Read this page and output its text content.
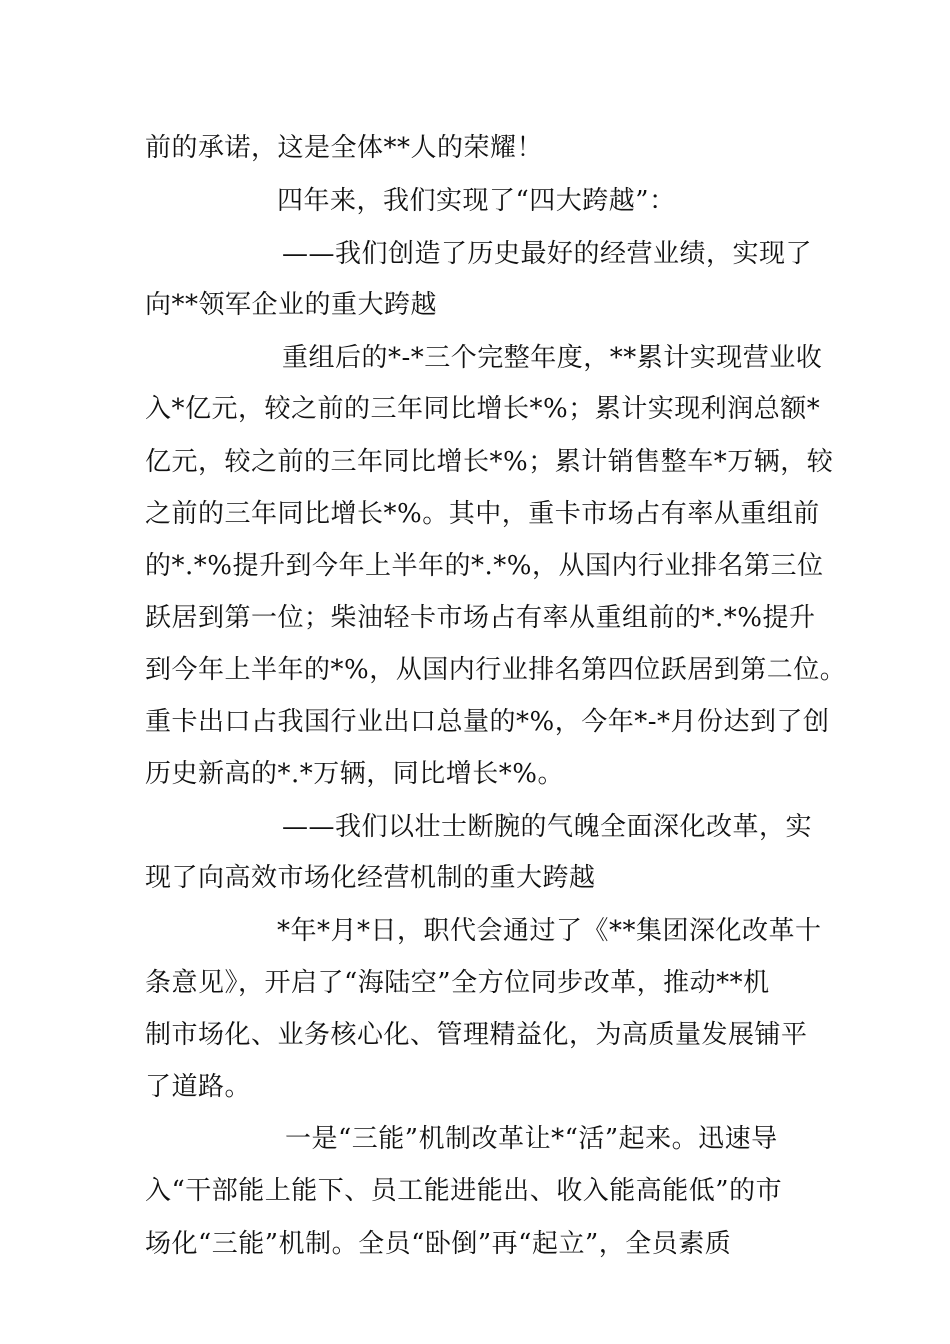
前的承诺，这是全体**人的荣耀！
四年来，我们实现了“四大跨越”：
——我们创造了历史最好的经营业绩，实现了
向**领军企业的重大跨越
重组后的*-*三个完整年度，**累计实现营业收
入*亿元，较之前的三年同比增长*%；累计实现利润总额*
亿元，较之前的三年同比增长*%；累计销售整车*万辆，较
之前的三年同比增长*%。其中，重卡市场占有率从重组前
的*.*%提升到今年上半年的*.*%，从国内行业排名第三位
跃居到第一位；柴油轻卡市场占有率从重组前的*.*%提升
到今年上半年的*%，从国内行业排名第四位跃居到第二位。
重卡出口占我国行业出口总量的*%，今年*-*月份达到了创
历史新高的*.*万辆，同比增长*%。
——我们以壮士断腕的气魄全面深化改革，实
现了向高效市场化经营机制的重大跨越
*年*月*日，职代会通过了《**集团深化改革十
条意见》，开启了“海陆空”全方位同步改革，推动**机
制市场化、业务核心化、管理精益化，为高质量发展铺平
了道路。
一是“三能”机制改革让*“活”起来。迅速导
入“干部能上能下、员工能进能出、收入能高能低”的市
场化“三能”机制。全员“卧倒”再“起立”，全员素质
